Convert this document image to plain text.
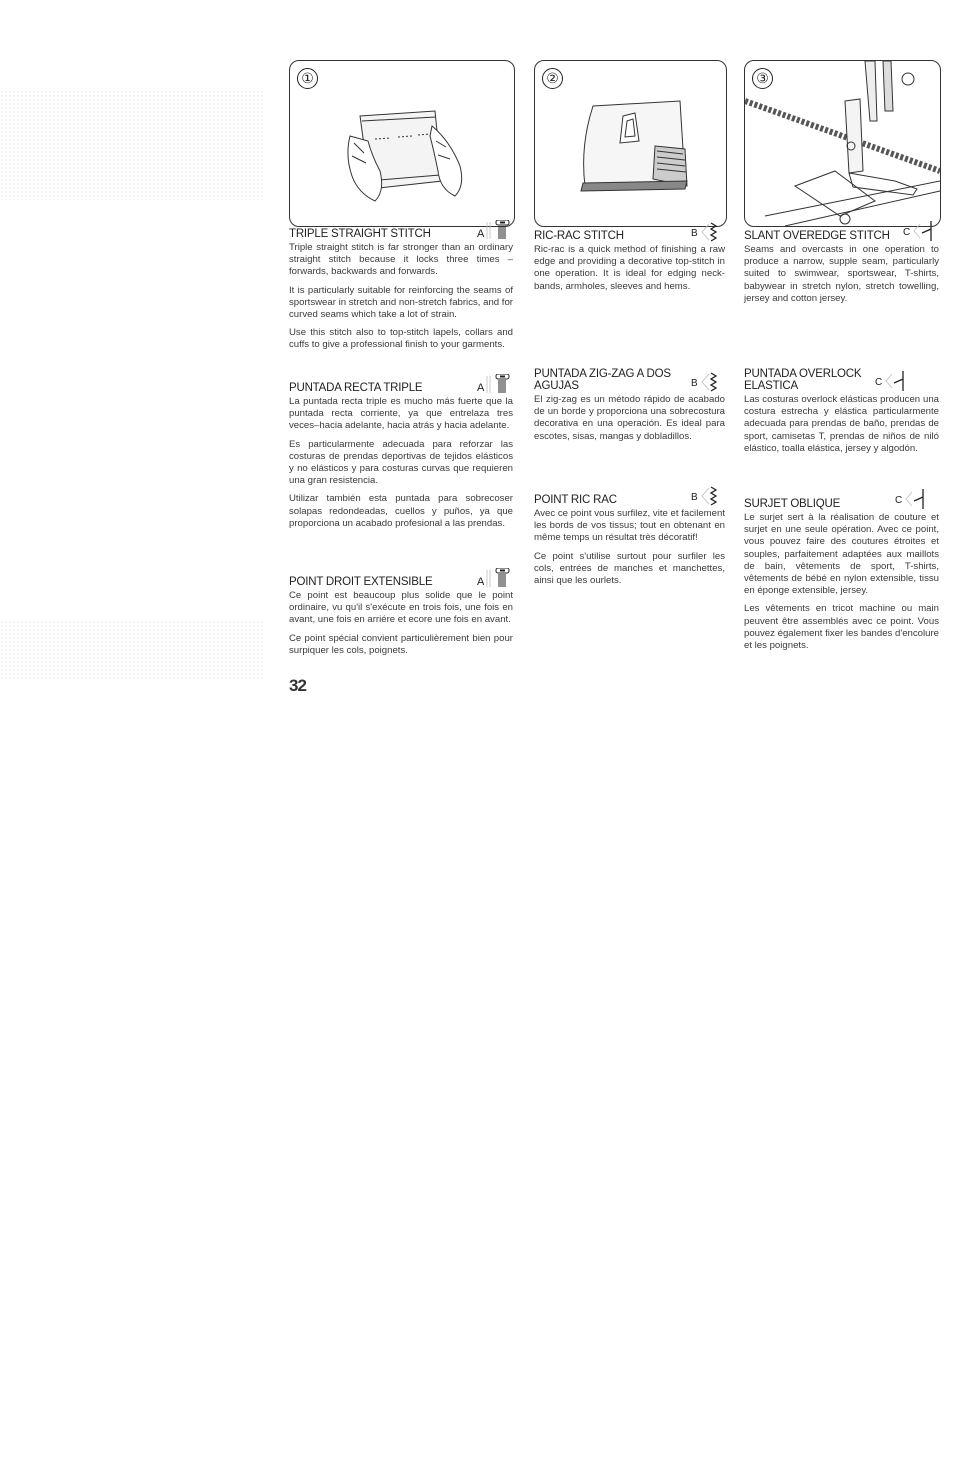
①	②	③
TRIPLE STRAIGHT STITCH	A

Triple straight stitch is far stronger than an ordinary straight stitch because it locks three times – forwards, backwards and forwards.

It is particularly suitable for reinforcing the seams of sportswear in stretch and non-stretch fabrics, and for curved seams which take a lot of strain.

Use this stitch also to top-stitch lapels, collars and cuffs to give a professional finish to your garments.

PUNTADA RECTA TRIPLE	A

La puntada recta triple es mucho más fuerte que la puntada recta corriente, ya que entrelaza tres veces–hacia adelante, hacia atrás y hacia adelante.

Es particularmente adecuada para reforzar las costuras de prendas deportivas de tejidos elásticos y no elásticos y para costuras curvas que requieren una gran resistencia.

Utilizar también esta puntada para sobrecoser solapas redondeadas, cuellos y puños, ya que proporciona un acabado profesional a las prendas.

POINT DROIT EXTENSIBLE	A

Ce point est beaucoup plus solide que le point ordinaire, vu qu'il s'exécute en trois fois, une fois en avant, une fois en arriére et ecore une fois en avant.

Ce point spécial convient particulièrement bien pour surpiquer les cols, poignets.

32
RIC-RAC STITCH	B

Ric-rac is a quick method of finishing a raw edge and providing a decorative top-stitch in one operation. It is ideal for edging neck-bands, armholes, sleeves and hems.

PUNTADA ZIG-ZAG A DOS AGUJAS	B

El zig-zag es un método rápido de acabado de un borde y proporciona una sobrecostura decorativa en una operación. Es ideal para escotes, sisas, mangas y dobladillos.

POINT RIC RAC	B

Avec ce point vous surfilez, vite et facilement les bords de vos tissus; tout en obtenant en même temps un résultat très décoratif!

Ce point s'utilise surtout pour surfiler les cols, entrées de manches et manchettes, ainsi que les ourlets.

SLANT OVEREDGE STITCH C

Seams and overcasts in one operation to produce a narrow, supple seam, particularly suited to swimwear, sportswear, T-shirts, babywear in stretch nylon, stretch towelling, jersey and cotton jersey.

PUNTADA OVERLOCK ELASTICA	C

Las costuras overlock elásticas producen una costura estrecha y elástica particularmente adecuada para prendas de baño, prendas de sport, camisetas T, prendas de niños de niló elástico, toalla elástica, jersey y algodón.

SURJET OBLIQUE	C

Le surjet sert à la réalisation de couture et surjet en une seule opération. Avec ce point, vous pouvez faire des coutures étroites et souples, parfaitement adaptées aux maillots de bain, vêtements de sport, T-shirts, vêtements de bébé en nylon extensible, tissu en éponge extensible, jersey.

Les vêtements en tricot machine ou main peuvent être assemblés avec ce point. Vous pouvez également fixer les bandes d'encolure et les poignets.
